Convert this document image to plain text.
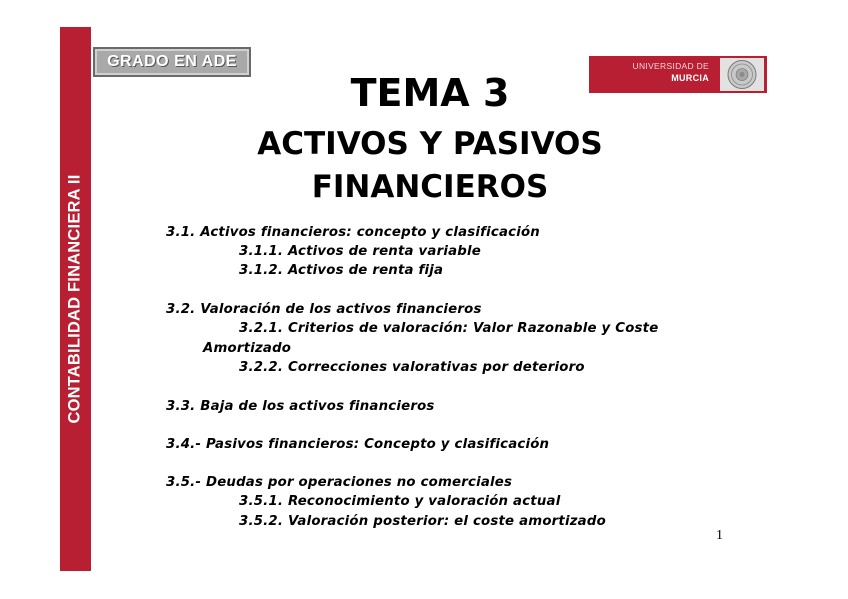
CONTABILIDAD FINANCIERA II
GRADO EN ADE	UNIVERSIDAD DE
MURCIA
TEMA 3
ACTIVOS Y PASIVOS
FINANCIEROS
3.1. Activos financieros: concepto y clasificación
3.1.1. Activos de renta variable
3.1.2. Activos de renta fija
3.2. Valoración de los activos financieros
3.2.1. Criterios de valoración: Valor Razonable y Coste
Amortizado
3.2.2. Correcciones valorativas por deterioro
3.3. Baja de los activos financieros
3.4.- Pasivos financieros: Concepto y clasificación
3.5.- Deudas por operaciones no comerciales
3.5.1. Reconocimiento y valoración actual
3.5.2. Valoración posterior: el coste amortizado
1
